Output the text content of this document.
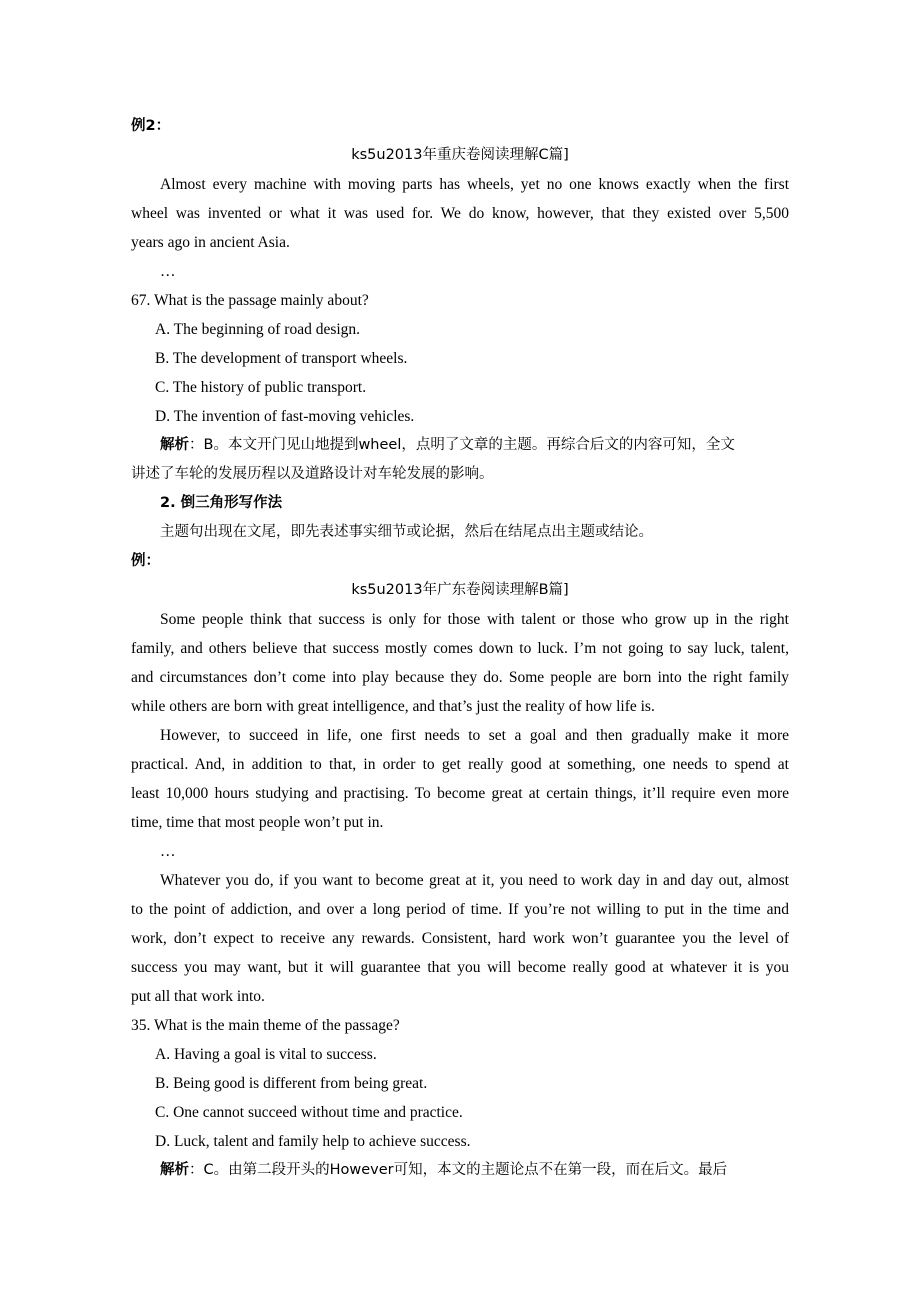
例2：
ks5u2013年重庆卷阅读理解C篇]
Almost every machine with moving parts has wheels, yet no one knows exactly when the first
wheel was invented or what it was used for. We do know, however, that they existed over 5,500
years ago in ancient Asia.
…
67. What is the passage mainly about?
A. The beginning of road design.
B. The development of transport wheels.
C. The history of public transport.
D. The invention of fast-moving vehicles.
解析：B。本文开门见山地提到wheel，点明了文章的主题。再综合后文的内容可知，全文
讲述了车轮的发展历程以及道路设计对车轮发展的影响。
2. 倒三角形写作法
主题句出现在文尾，即先表述事实细节或论据，然后在结尾点出主题或结论。
例：
ks5u2013年广东卷阅读理解B篇]
Some people think that success is only for those with talent or those who grow up in the right
family, and others believe that success mostly comes down to luck. I’m not going to say luck, talent,
and circumstances don’t come into play because they do. Some people are born into the right family
while others are born with great intelligence, and that’s just the reality of how life is.
However, to succeed in life, one first needs to set a goal and then gradually make it more
practical. And, in addition to that, in order to get really good at something, one needs to spend at
least 10,000 hours studying and practising. To become great at certain things, it’ll require even more
time, time that most people won’t put in.
…
Whatever you do, if you want to become great at it, you need to work day in and day out, almost
to the point of addiction, and over a long period of time. If you’re not willing to put in the time and
work, don’t expect to receive any rewards. Consistent, hard work won’t guarantee you the level of
success you may want, but it will guarantee that you will become really good at whatever it is you
put all that work into.
35. What is the main theme of the passage?
A. Having a goal is vital to success.
B. Being good is different from being great.
C. One cannot succeed without time and practice.
D. Luck, talent and family help to achieve success.
解析：C。由第二段开头的However可知，本文的主题论点不在第一段，而在后文。最后
